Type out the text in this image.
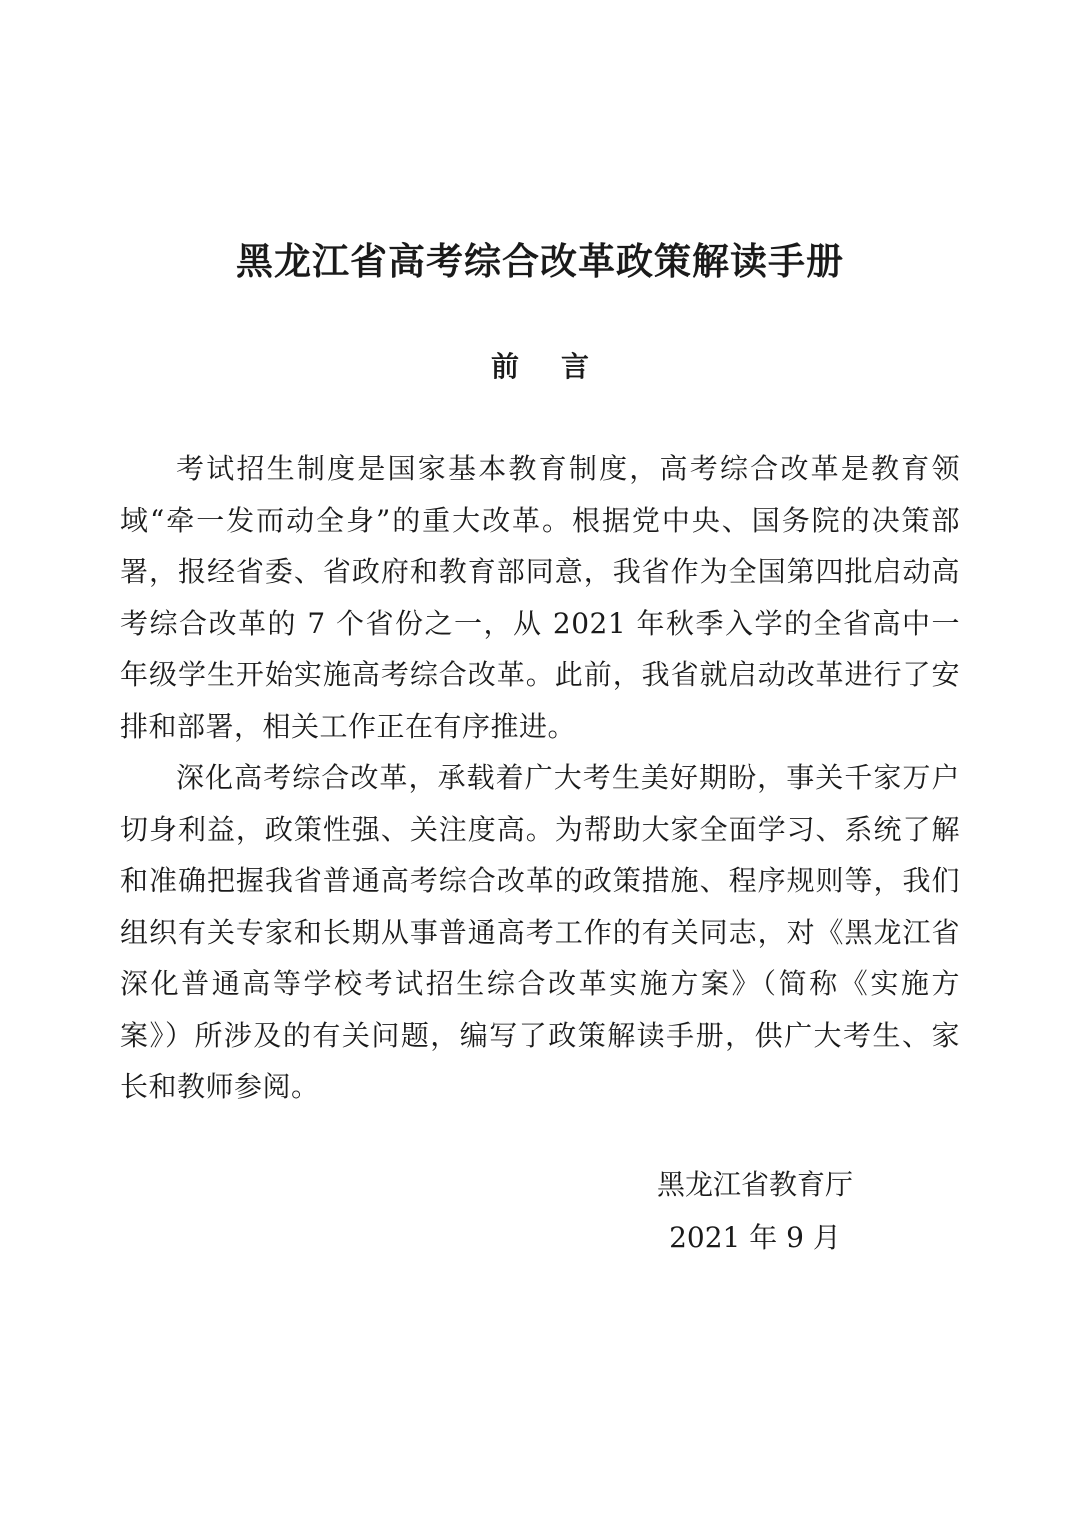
黑龙江省高考综合改革政策解读手册
前 言

考试招生制度是国家基本教育制度，高考综合改革是教育领域“牵一发而动全身”的重大改革。根据党中央、国务院的决策部署，报经省委、省政府和教育部同意，我省作为全国第四批启动高考综合改革的 7 个省份之一，从 2021 年秋季入学的全省高中一年级学生开始实施高考综合改革。此前，我省就启动改革进行了安排和部署，相关工作正在有序推进。

深化高考综合改革，承载着广大考生美好期盼，事关千家万户切身利益，政策性强、关注度高。为帮助大家全面学习、系统了解和准确把握我省普通高考综合改革的政策措施、程序规则等，我们组织有关专家和长期从事普通高考工作的有关同志，对《黑龙江省深化普通高等学校考试招生综合改革实施方案》（简称《实施方案》）所涉及的有关问题，编写了政策解读手册，供广大考生、家长和教师参阅。

黑龙江省教育厅
2021 年 9 月
